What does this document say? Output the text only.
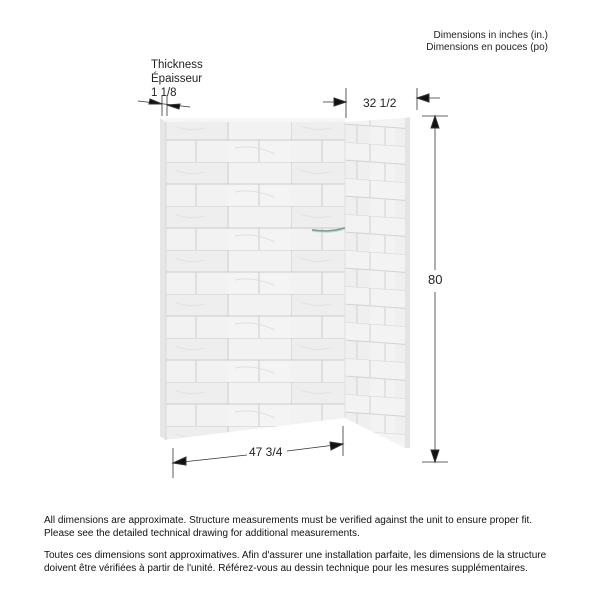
Dimensions in inches (in.)
Dimensions en pouces (po)
Thickness
Épaisseur
1 1/8
32 1/2
80
47 3/4

All dimensions are approximate. Structure measurements must be verified against the unit to ensure proper fit.
Please see the detailed technical drawing for additional measurements.

Toutes ces dimensions sont approximatives. Afin d'assurer une installation parfaite, les dimensions de la structure
doivent être vérifiées à partir de l'unité. Référez-vous au dessin technique pour les mesures supplémentaires.
